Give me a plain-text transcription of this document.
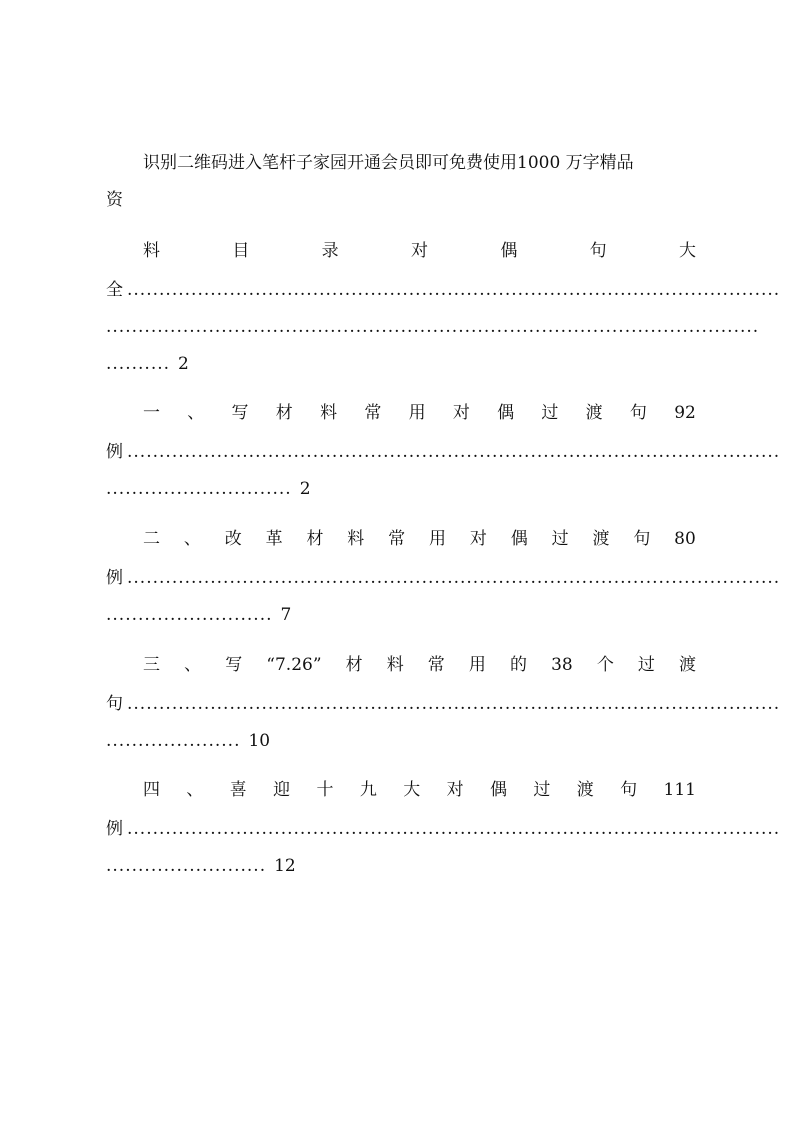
识别二维码进入笔杆子家园开通会员即可免费使用1000 万字精品
资
料	目	录	对	偶	句	大
全 ......................................................................................................
......................................................................................................
.......... 2
一 、 写 材 料 常 用 对 偶 过 渡 句 92
例 ......................................................................................................
............................. 2
二 、 改 革 材 料 常 用 对 偶 过 渡 句 80
例 ......................................................................................................
.......................... 7
三 、 写 “7.26” 材 料 常 用 的 38 个 过 渡
句 ......................................................................................................
..................... 10
四 、 喜 迎 十 九 大 对 偶 过 渡 句 111
例 ......................................................................................................
......................... 12
